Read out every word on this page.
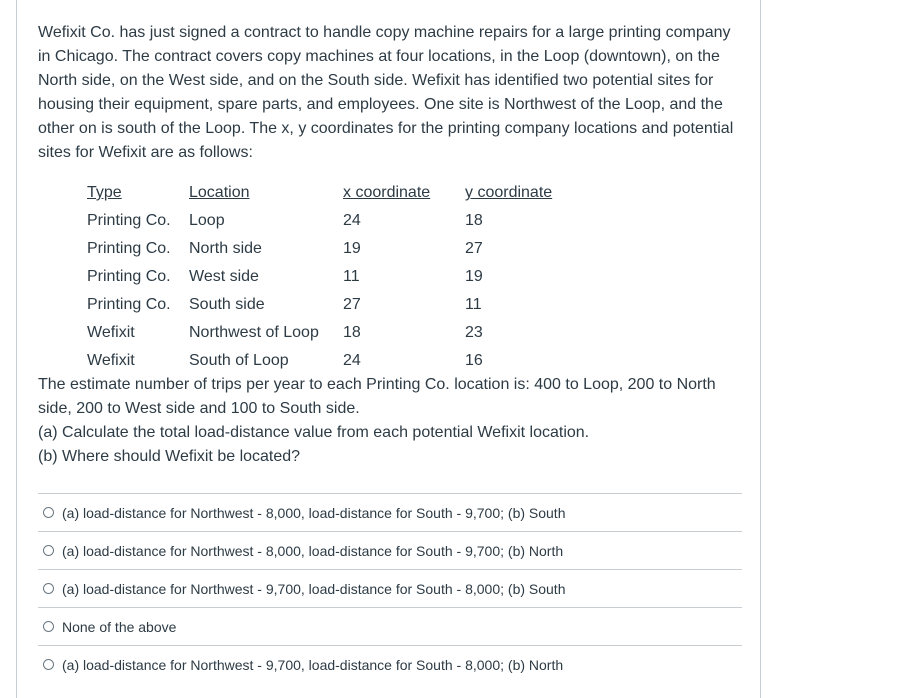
Wefixit Co. has just signed a contract to handle copy machine repairs for a large printing company in Chicago. The contract covers copy machines at four locations, in the Loop (downtown), on the North side, on the West side, and on the South side. Wefixit has identified two potential sites for housing their equipment, spare parts, and employees. One site is Northwest of the Loop, and the other on is south of the Loop. The x, y coordinates for the printing company locations and potential sites for Wefixit are as follows:

Type	Location	x coordinate	y coordinate
Printing Co.	Loop	24	18
Printing Co.	North side	19	27
Printing Co.	West side	11	19
Printing Co.	South side	27	11
Wefixit	Northwest of Loop	18	23
Wefixit	South of Loop	24	16

The estimate number of trips per year to each Printing Co. location is: 400 to Loop, 200 to North side, 200 to West side and 100 to South side.

(a) Calculate the total load-distance value from each potential Wefixit location.

(b) Where should Wefixit be located?

(a) load-distance for Northwest - 8,000, load-distance for South - 9,700; (b) South
(a) load-distance for Northwest - 8,000, load-distance for South - 9,700; (b) North
(a) load-distance for Northwest - 9,700, load-distance for South - 8,000; (b) South
None of the above
(a) load-distance for Northwest - 9,700, load-distance for South - 8,000; (b) North
